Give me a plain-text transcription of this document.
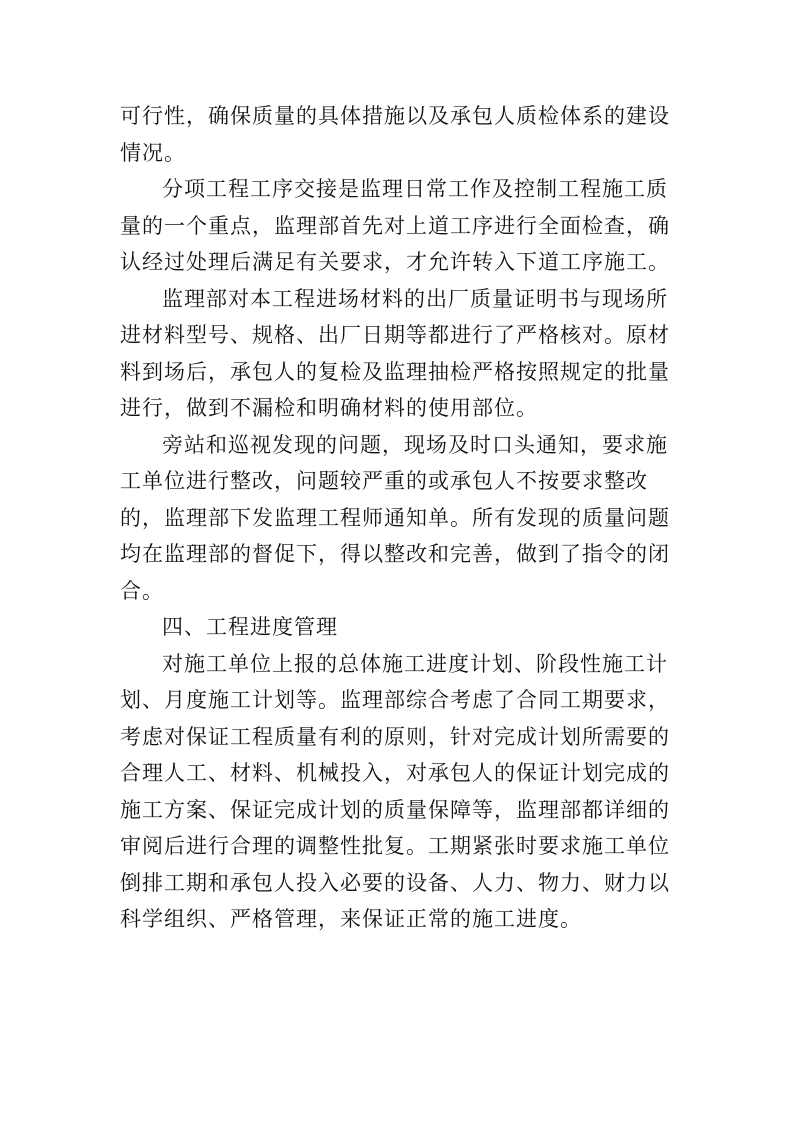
可行性，确保质量的具体措施以及承包人质检体系的建设情况。

分项工程工序交接是监理日常工作及控制工程施工质量的一个重点，监理部首先对上道工序进行全面检查，确认经过处理后满足有关要求，才允许转入下道工序施工。

监理部对本工程进场材料的出厂质量证明书与现场所进材料型号、规格、出厂日期等都进行了严格核对。原材料到场后，承包人的复检及监理抽检严格按照规定的批量进行，做到不漏检和明确材料的使用部位。

旁站和巡视发现的问题，现场及时口头通知，要求施工单位进行整改，问题较严重的或承包人不按要求整改的，监理部下发监理工程师通知单。所有发现的质量问题均在监理部的督促下，得以整改和完善，做到了指令的闭合。

四、工程进度管理

对施工单位上报的总体施工进度计划、阶段性施工计划、月度施工计划等。监理部综合考虑了合同工期要求，考虑对保证工程质量有利的原则，针对完成计划所需要的合理人工、材料、机械投入，对承包人的保证计划完成的施工方案、保证完成计划的质量保障等，监理部都详细的审阅后进行合理的调整性批复。工期紧张时要求施工单位倒排工期和承包人投入必要的设备、人力、物力、财力以科学组织、严格管理，来保证正常的施工进度。
